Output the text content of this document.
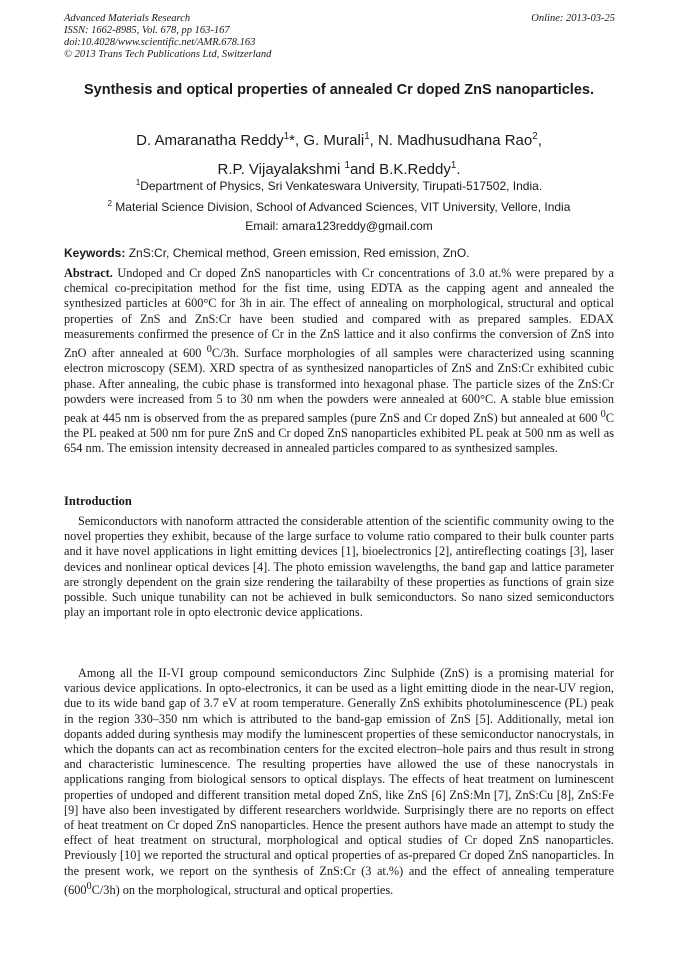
Advanced Materials Research
ISSN: 1662-8985, Vol. 678, pp 163-167
doi:10.4028/www.scientific.net/AMR.678.163
© 2013 Trans Tech Publications Ltd, Switzerland
Online: 2013-03-25
Synthesis and optical properties of annealed Cr doped ZnS nanoparticles.
D. Amaranatha Reddy$^1$*, G. Murali$^1$, N. Madhusudhana Rao$^2$,
R.P. Vijayalakshmi $^1$and B.K.Reddy$^1$.
$^1$Department of Physics, Sri Venkateswara University, Tirupati-517502, India.
$^2$ Material Science Division, School of Advanced Sciences, VIT University, Vellore, India
Email: amara123reddy@gmail.com
Keywords: ZnS:Cr, Chemical method, Green emission, Red emission, ZnO.
Abstract. Undoped and Cr doped ZnS nanoparticles with Cr concentrations of 3.0 at.% were prepared by a chemical co-precipitation method for the fist time, using EDTA as the capping agent and annealed the synthesized particles at 600°C for 3h in air. The effect of annealing on morphological, structural and optical properties of ZnS and ZnS:Cr have been studied and compared with as prepared samples. EDAX measurements confirmed the presence of Cr in the ZnS lattice and it also confirms the conversion of ZnS into ZnO after annealed at 600 $^0$C/3h. Surface morphologies of all samples were characterized using scanning electron microscopy (SEM). XRD spectra of as synthesized nanoparticles of ZnS and ZnS:Cr exhibited cubic phase. After annealing, the cubic phase is transformed into hexagonal phase. The particle sizes of the ZnS:Cr powders were increased from 5 to 30 nm when the powders were annealed at 600°C. A stable blue emission peak at 445 nm is observed from the as prepared samples (pure ZnS and Cr doped ZnS) but annealed at 600 $^0$C the PL peaked at 500 nm for pure ZnS and Cr doped ZnS nanoparticles exhibited PL peak at 500 nm as well as 654 nm. The emission intensity decreased in annealed particles compared to as synthesized samples.
Introduction
Semiconductors with nanoform attracted the considerable attention of the scientific community owing to the novel properties they exhibit, because of the large surface to volume ratio compared to their bulk counter parts and it have novel applications in light emitting devices [1], bioelectronics [2], antireflecting coatings [3], laser devices and nonlinear optical devices [4]. The photo emission wavelengths, the band gap and lattice parameter are strongly dependent on the grain size rendering the tailarabilty of these properties as functions of grain size possible. Such unique tunability can not be achieved in bulk semiconductors. So nano sized semiconductors play an important role in opto electronic device applications.
Among all the II-VI group compound semiconductors Zinc Sulphide (ZnS) is a promising material for various device applications. In opto-electronics, it can be used as a light emitting diode in the near-UV region, due to its wide band gap of 3.7 eV at room temperature. Generally ZnS exhibits photoluminescence (PL) peak in the region 330–350 nm which is attributed to the band-gap emission of ZnS [5]. Additionally, metal ion dopants added during synthesis may modify the luminescent properties of these semiconductor nanocrystals, in which the dopants can act as recombination centers for the excited electron–hole pairs and thus result in strong and characteristic luminescence. The resulting properties have allowed the use of these nanocrystals in applications ranging from biological sensors to optical displays. The effects of heat treatment on luminescent properties of undoped and different transition metal doped ZnS, like ZnS [6] ZnS:Mn [7], ZnS:Cu [8], ZnS:Fe [9] have also been investigated by different researchers worldwide. Surprisingly there are no reports on effect of heat treatment on Cr doped ZnS nanoparticles. Hence the present authors have made an attempt to study the effect of heat treatment on structural, morphological and optical studies of Cr doped ZnS nanoparticles. Previously [10] we reported the structural and optical properties of as-prepared Cr doped ZnS nanoparticles. In the present work, we report on the synthesis of ZnS:Cr (3 at.%) and the effect of annealing temperature $(600^0C/3h)$ on the morphological, structural and optical properties.
